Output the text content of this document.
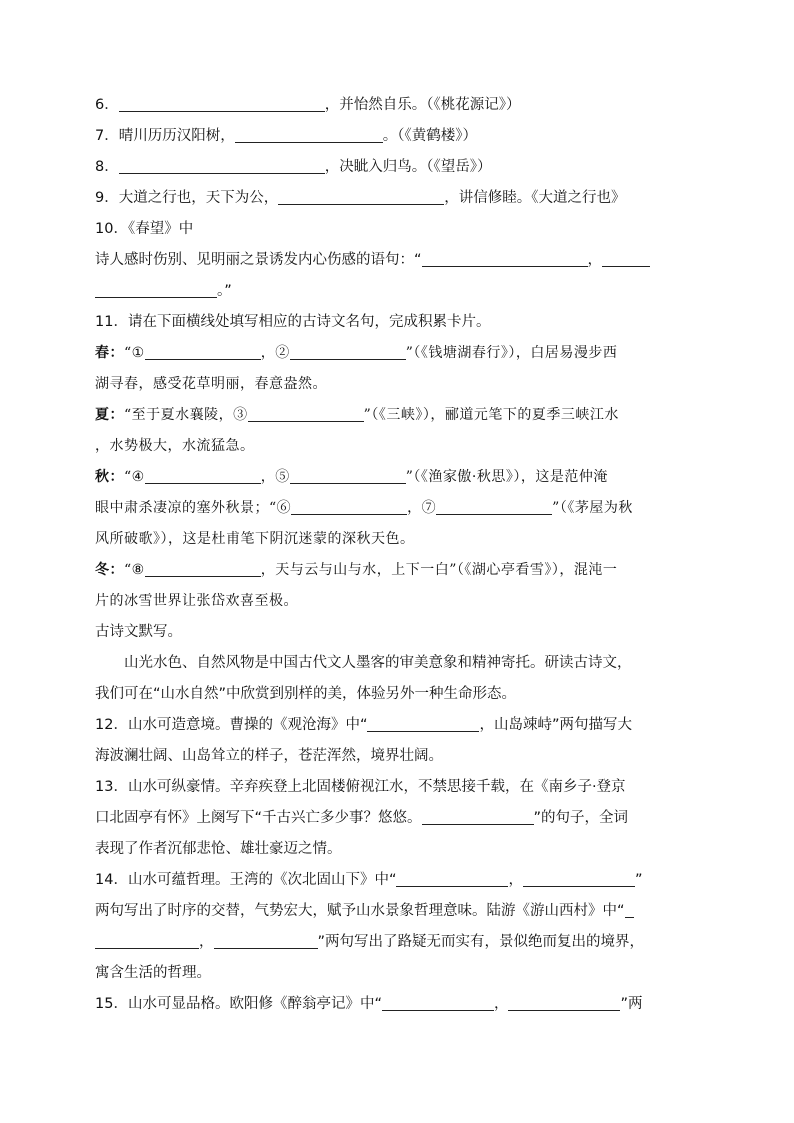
6．	，并怡然自乐。（《桃花源记》）
7．晴川历历汉阳树，	。（《黄鹤楼》）
8．	，决眦入归鸟。（《望岳》）
9．大道之行也，天下为公，	，讲信修睦。《大道之行也》
10．《春望》中
诗人感时伤别、见明丽之景诱发内心伤感的语句：“	，
。”
11．请在下面横线处填写相应的古诗文名句，完成积累卡片。
春：“①	，②	”（《钱塘湖春行》），白居易漫步西
湖寻春，感受花草明丽，春意盎然。
夏：“至于夏水襄陵，③	”（《三峡》），郦道元笔下的夏季三峡江水
，水势极大，水流猛急。
秋：“④	，⑤	”（《渔家傲·秋思》），这是范仲淹
眼中肃杀凄凉的塞外秋景；“⑥	，⑦	”（《茅屋为秋
风所破歌》），这是杜甫笔下阴沉迷蒙的深秋天色。
冬：“⑧	，天与云与山与水，上下一白”（《湖心亭看雪》），混沌一
片的冰雪世界让张岱欢喜至极。
古诗文默写。
山光水色、自然风物是中国古代文人墨客的审美意象和精神寄托。研读古诗文，
我们可在“山水自然”中欣赏到别样的美，体验另外一种生命形态。
12．山水可造意境。曹操的《观沧海》中“	，山岛竦峙”两句描写大
海波澜壮阔、山岛耸立的样子，苍茫浑然，境界壮阔。
13．山水可纵豪情。辛弃疾登上北固楼俯视江水，不禁思接千载，在《南乡子·登京
口北固亭有怀》上阕写下“千古兴亡多少事？悠悠。	”的句子，全词
表现了作者沉郁悲怆、雄壮豪迈之情。
14．山水可蕴哲理。王湾的《次北固山下》中“	，	”
两句写出了时序的交替，气势宏大，赋予山水景象哲理意味。陆游《游山西村》中“
，	”两句写出了路疑无而实有，景似绝而复出的境界，
寓含生活的哲理。
15．山水可显品格。欧阳修《醉翁亭记》中“	，	”两
